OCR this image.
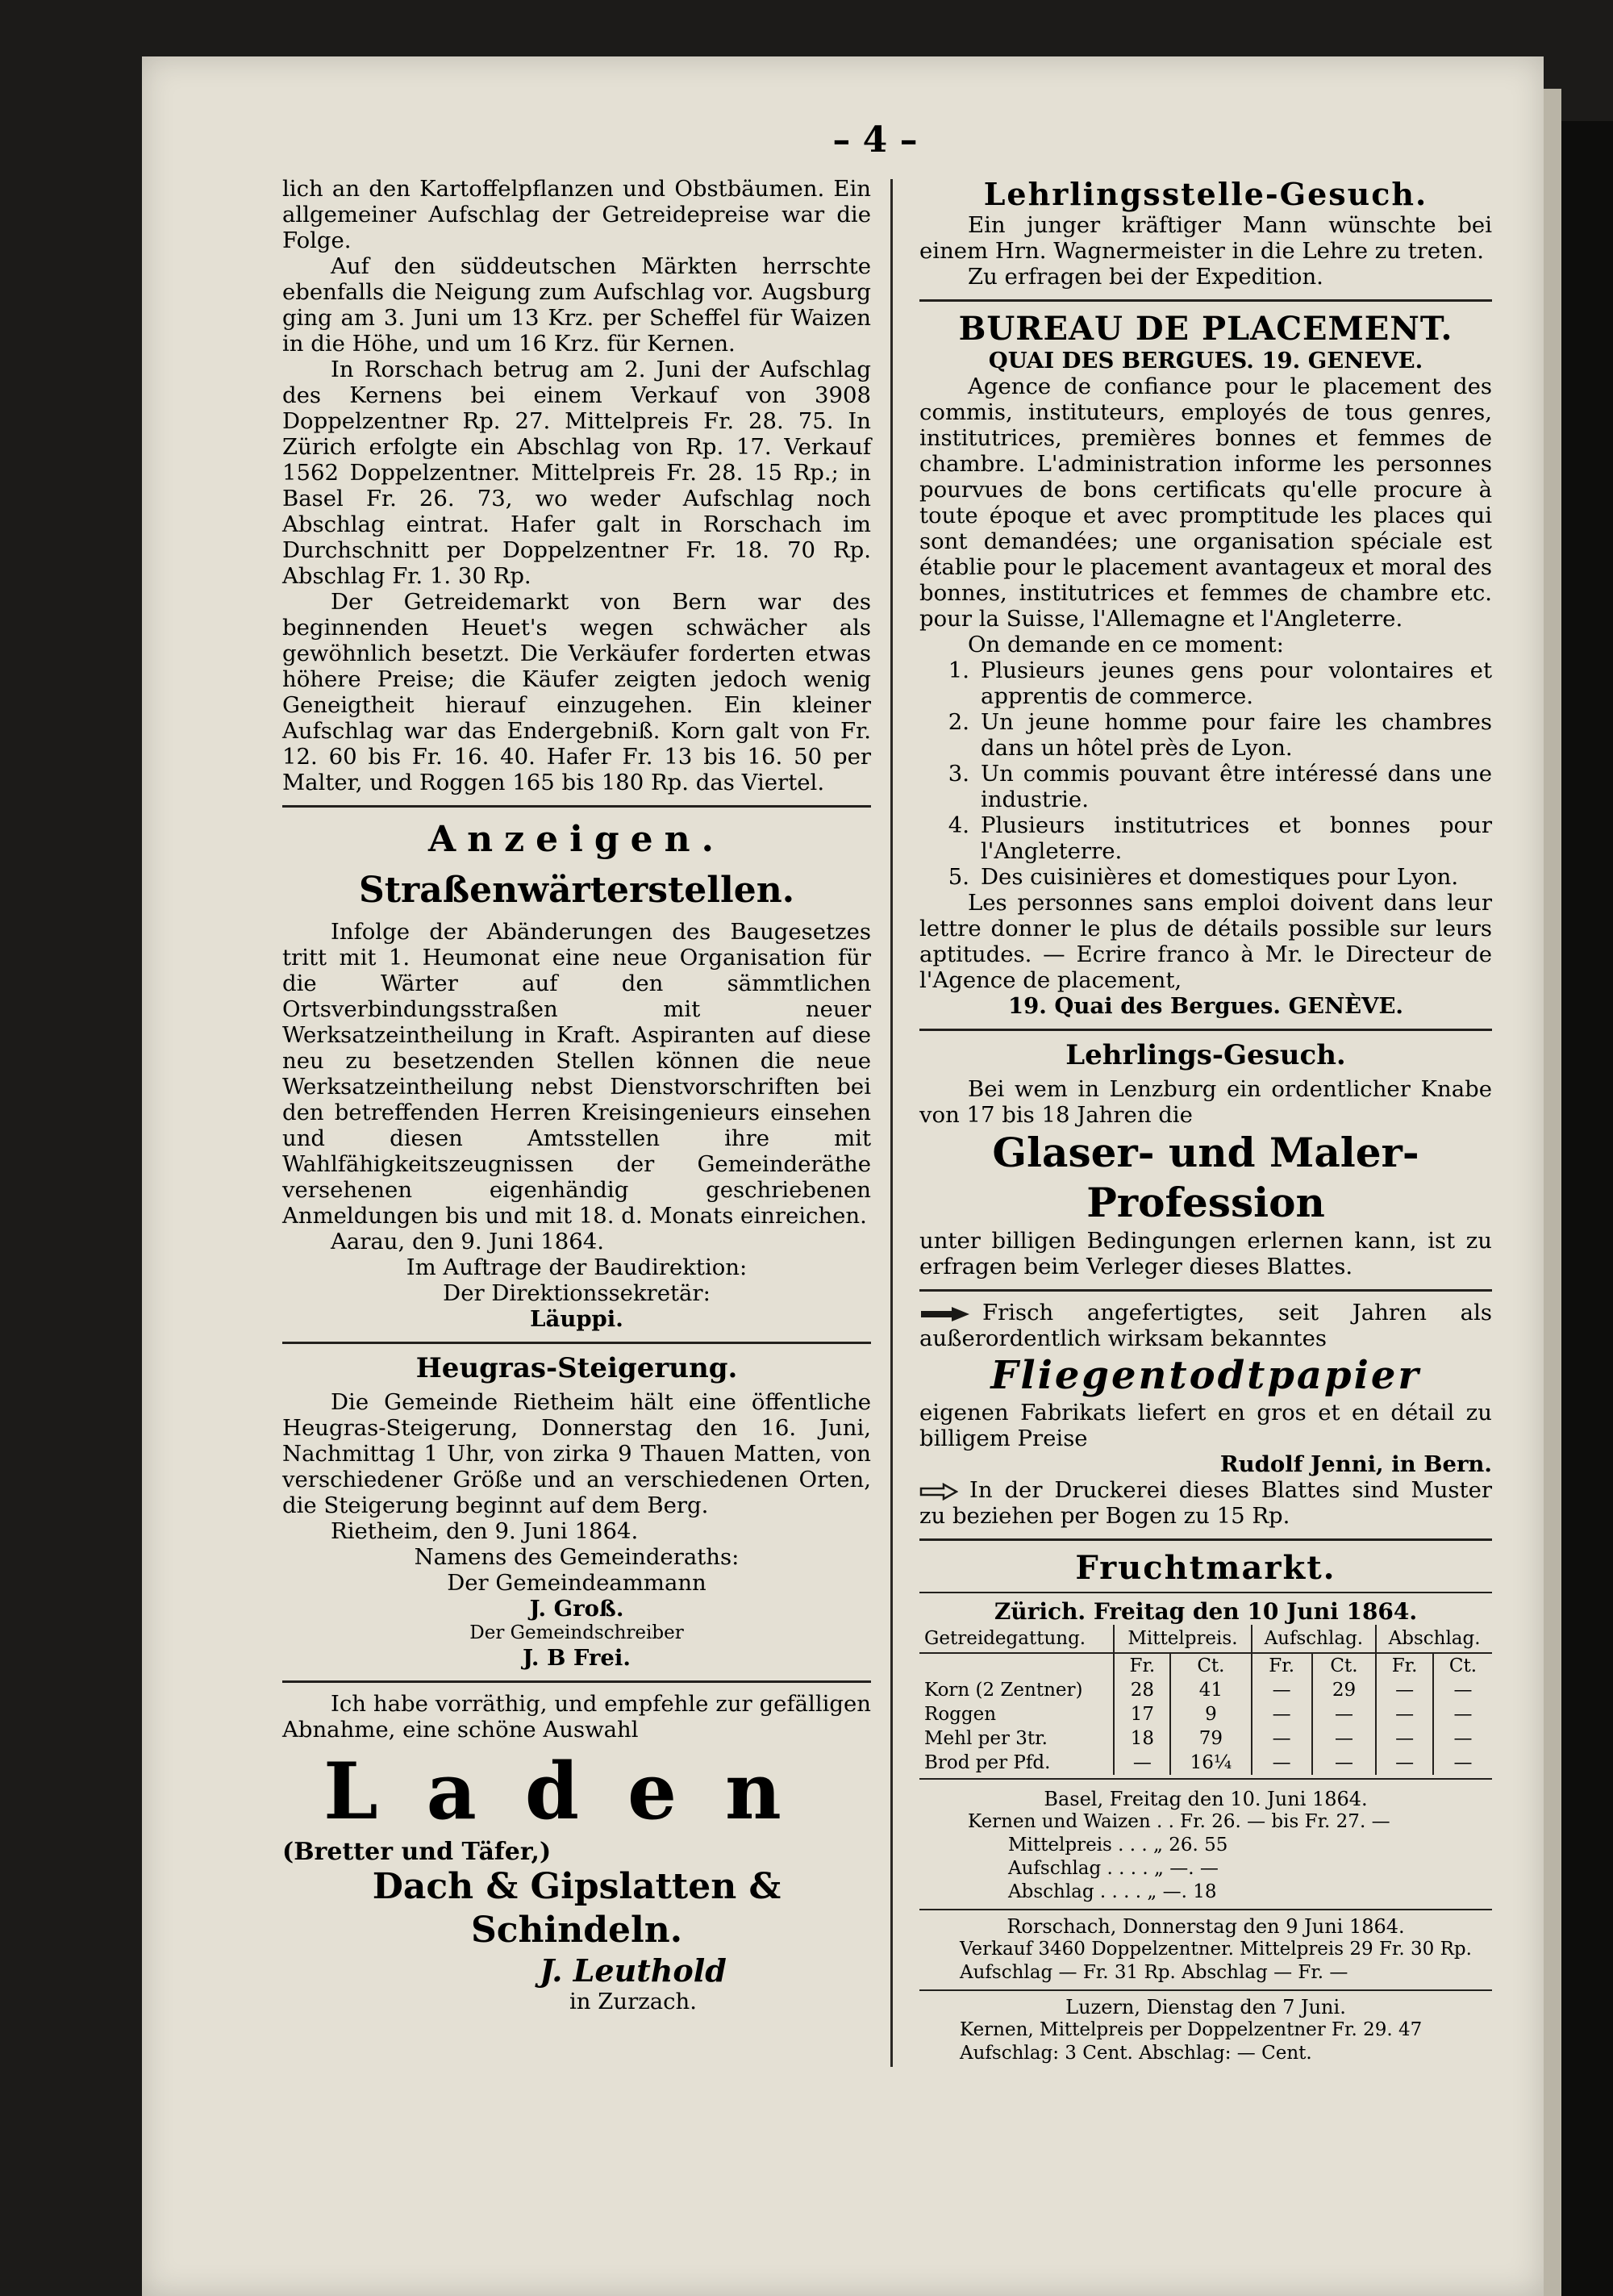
– 4 –

lich an den Kartoffelpflanzen und Obstbäumen. Ein allgemeiner Aufschlag der Getreidepreise war die Folge.

Auf den süddeutschen Märkten herrschte ebenfalls die Neigung zum Aufschlag vor. Augsburg ging am 3. Juni um 13 Krz. per Scheffel für Waizen in die Höhe, und um 16 Krz. für Kernen.

In Rorschach betrug am 2. Juni der Aufschlag des Kernens bei einem Verkauf von 3908 Doppelzentner Rp. 27. Mittelpreis Fr. 28. 75. In Zürich erfolgte ein Abschlag von Rp. 17. Verkauf 1562 Doppelzentner. Mittelpreis Fr. 28. 15 Rp.; in Basel Fr. 26. 73, wo weder Aufschlag noch Abschlag eintrat. Hafer galt in Rorschach im Durchschnitt per Doppelzentner Fr. 18. 70 Rp. Abschlag Fr. 1. 30 Rp.

Der Getreidemarkt von Bern war des beginnenden Heuet's wegen schwächer als gewöhnlich besetzt. Die Verkäufer forderten etwas höhere Preise; die Käufer zeigten jedoch wenig Geneigtheit hierauf einzugehen. Ein kleiner Aufschlag war das Endergebniß. Korn galt von Fr. 12. 60 bis Fr. 16. 40. Hafer Fr. 13 bis 16. 50 per Malter, und Roggen 165 bis 180 Rp. das Viertel.

Anzeigen.
Straßenwärterstellen.

Infolge der Abänderungen des Baugesetzes tritt mit 1. Heumonat eine neue Organisation für die Wärter auf den sämmtlichen Ortsverbindungsstraßen mit neuer Werksatzeintheilung in Kraft. Aspiranten auf diese neu zu besetzenden Stellen können die neue Werksatzeintheilung nebst Dienstvorschriften bei den betreffenden Herren Kreisingenieurs einsehen und diesen Amtsstellen ihre mit Wahlfähigkeitszeugnissen der Gemeinderäthe versehenen eigenhändig geschriebenen Anmeldungen bis und mit 18. d. Monats einreichen.

Aarau, den 9. Juni 1864.

Im Auftrage der Baudirektion:

Der Direktionssekretär:

Läuppi.

Heugras-Steigerung.

Die Gemeinde Rietheim hält eine öffentliche Heugras-Steigerung, Donnerstag den 16. Juni, Nachmittag 1 Uhr, von zirka 9 Thauen Matten, von verschiedener Größe und an verschiedenen Orten, die Steigerung beginnt auf dem Berg.

Rietheim, den 9. Juni 1864.

Namens des Gemeinderaths:

Der Gemeindeammann

J. Groß.

Der Gemeindschreiber

J. B Frei.

Ich habe vorräthig, und empfehle zur gefälligen Abnahme, eine schöne Auswahl

Laden

(Bretter und Täfer,)

Dach & Gipslatten & Schindeln.
J. Leuthold

in Zurzach.

Lehrlingsstelle-Gesuch.

Ein junger kräftiger Mann wünschte bei einem Hrn. Wagnermeister in die Lehre zu treten.

Zu erfragen bei der Expedition.

BUREAU DE PLACEMENT.

QUAI DES BERGUES. 19. GENEVE.

Agence de confiance pour le placement des commis, instituteurs, employés de tous genres, institutrices, premières bonnes et femmes de chambre. L'administration informe les personnes pourvues de bons certificats qu'elle procure à toute époque et avec promptitude les places qui sont demandées; une organisation spéciale est établie pour le placement avantageux et moral des bonnes, institutrices et femmes de chambre etc. pour la Suisse, l'Allemagne et l'Angleterre.

On demande en ce moment:

1. Plusieurs jeunes gens pour volontaires et apprentis de commerce.
2. Un jeune homme pour faire les chambres dans un hôtel près de Lyon.
3. Un commis pouvant être intéressé dans une industrie.
4. Plusieurs institutrices et bonnes pour l'Angleterre.
5. Des cuisinières et domestiques pour Lyon.

Les personnes sans emploi doivent dans leur lettre donner le plus de détails possible sur leurs aptitudes. — Ecrire franco à Mr. le Directeur de l'Agence de placement,

19. Quai des Bergues. GENÈVE.

Lehrlings-Gesuch.

Bei wem in Lenzburg ein ordentlicher Knabe von 17 bis 18 Jahren die

Glaser- und Maler-Profession

unter billigen Bedingungen erlernen kann, ist zu erfragen beim Verleger dieses Blattes.

Frisch angefertigtes, seit Jahren als außerordentlich wirksam bekanntes

Fliegentodtpapier

eigenen Fabrikats liefert en gros et en détail zu billigem Preise

Rudolf Jenni, in Bern.

In der Druckerei dieses Blattes sind Muster zu beziehen per Bogen zu 15 Rp.

Fruchtmarkt.
Zürich. Freitag den 10 Juni 1864.
Getreidegattung.	Mittelpreis.		Aufschlag.		Abschlag.	
	Fr.	Ct.	Fr.	Ct.	Fr.	Ct.
Korn (2 Zentner)	28	41	—	29	—	—
Roggen	17	9	—	—	—	—
Mehl per 3tr.	18	79	—	—	—	—
Brod per Pfd.	—	16¼	—	—	—	—
Basel, Freitag den 10. Juni 1864.
Kernen und Waizen . . Fr. 26. — bis Fr. 27. —
Mittelpreis . . . „ 26. 55
Aufschlag . . . . „ —. —
Abschlag . . . . „ —. 18
Rorschach, Donnerstag den 9 Juni 1864.
Verkauf 3460 Doppelzentner. Mittelpreis 29 Fr. 30 Rp.
Aufschlag — Fr. 31 Rp. Abschlag — Fr. —
Luzern, Dienstag den 7 Juni.
Kernen, Mittelpreis per Doppelzentner Fr. 29. 47
Aufschlag: 3 Cent. Abschlag: — Cent.
